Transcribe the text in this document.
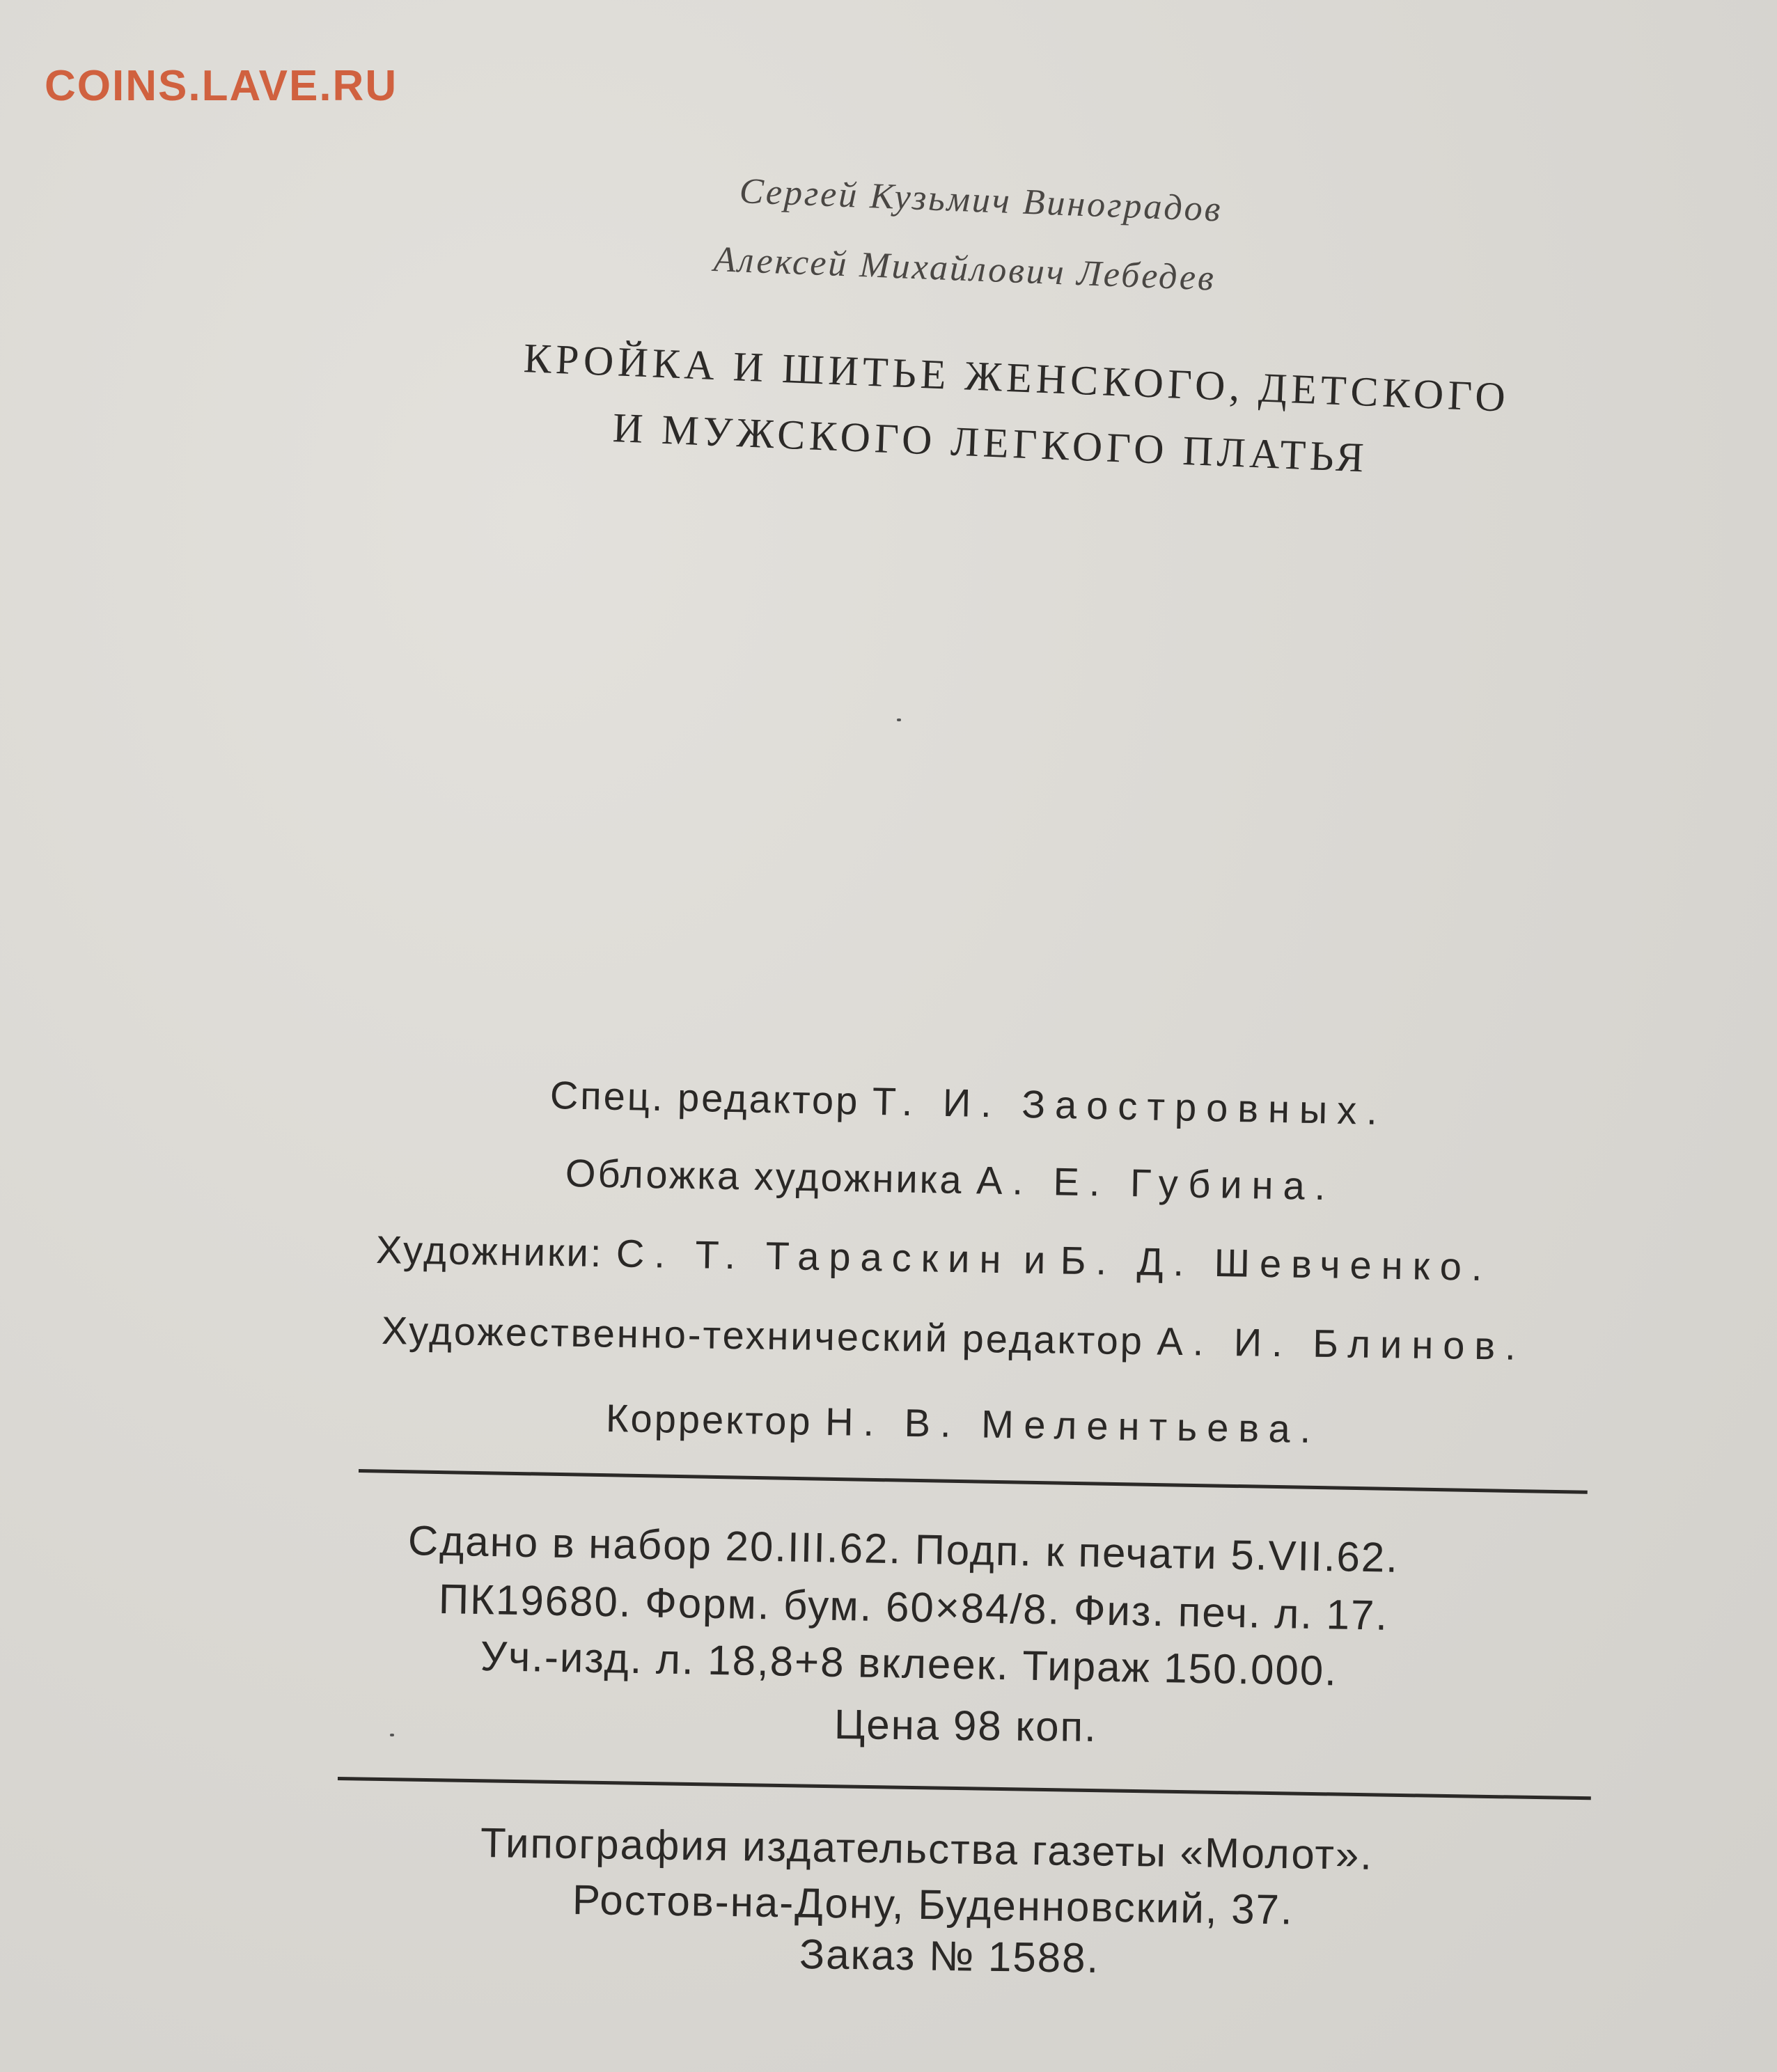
COINS.LAVE.RU
Сергей Кузьмич Виноградов
Алексей Михайлович Лебедев
КРОЙКА И ШИТЬЕ ЖЕНСКОГО, ДЕТСКОГО
И МУЖСКОГО ЛЕГКОГО ПЛАТЬЯ
Спец. редактор Т. И. Заостровных.
Обложка художника А. Е. Губина.
Художники: С. Т. Тараскин и Б. Д. Шевченко.
Художественно-технический редактор А. И. Блинов.
Корректор Н. В. Мелентьева.
Сдано в набор 20.III.62. Подп. к печати 5.VII.62.
ПК19680. Форм. бум. 60×84/8. Физ. печ. л. 17.
Уч.-изд. л. 18,8+8 вклеек. Тираж 150.000.
Цена 98 коп.
Типография издательства газеты «Молот».
Ростов-на-Дону, Буденновский, 37.
Заказ № 1588.
